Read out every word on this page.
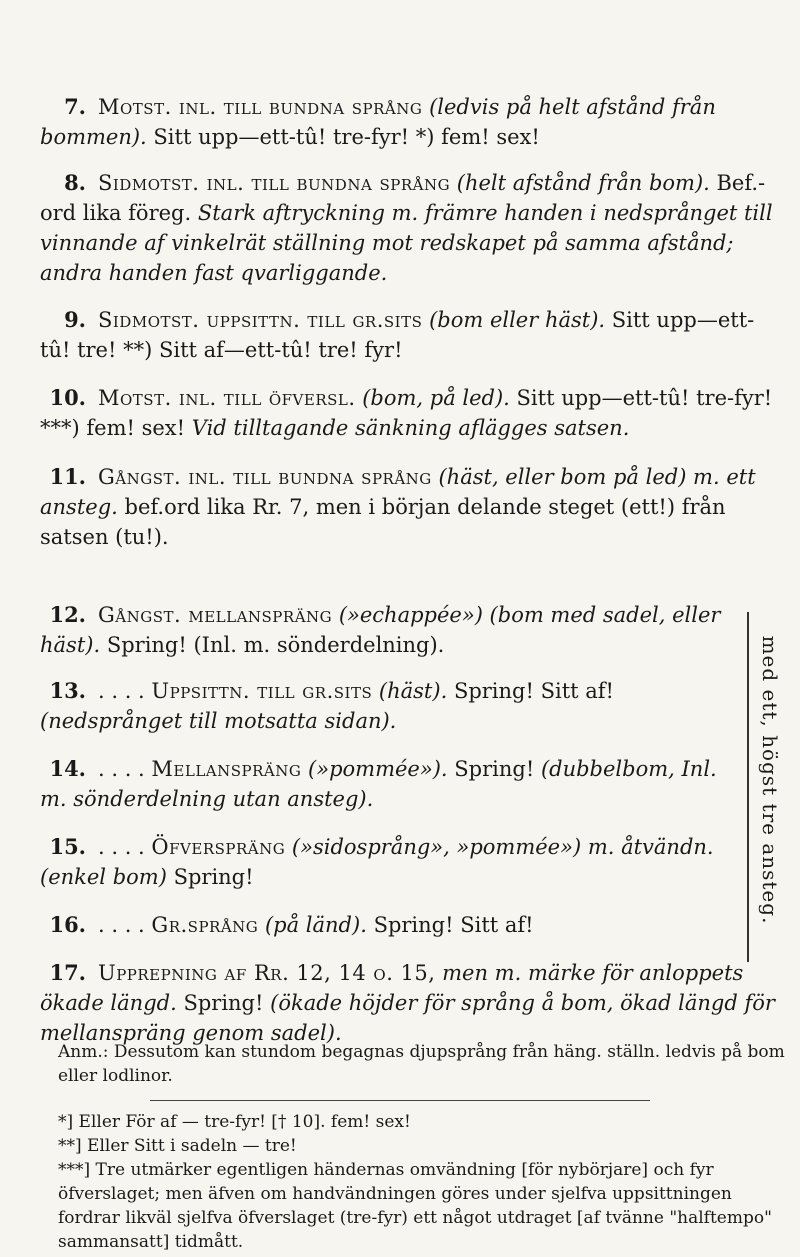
7. Motst. inl. till bundna språng (ledvis på helt afstånd från bommen). Sitt upp—ett-tû! tre-fyr! *) fem! sex!
8. Sidmotst. inl. till bundna språng (helt afstånd från bom). Bef.-ord lika föreg. Stark aftryckning m. främre handen i nedsprånget till vinnande af vinkelrät ställning mot redskapet på samma afstånd; andra handen fast qvarliggande.
9. Sidmotst. uppsittn. till gr.sits (bom eller häst). Sitt upp—ett-tû! tre! **) Sitt af—ett-tû! tre! fyr!
10. Motst. inl. till öfversl. (bom, på led). Sitt upp—ett-tû! tre-fyr! ***) fem! sex! Vid tilltagande sänkning afläggеs satsen.
11. Gångst. inl. till bundna språng (häst, eller bom på led) m. ett ansteg. bef.ord lika Rr. 7, men i början delande steget (ett!) från satsen (tu!).
12. Gångst. mellanspräng (»echappée») (bom med sadel, eller häst). Spring! (Inl. m. sönderdelning).
13. . . . . Uppsittn. till gr.sits (häst). Spring! Sitt af! (nedsprånget till motsatta sidan).
14. . . . . Mellanspräng (»pommée»). Spring! (dubbelbom, Inl. m. sönderdelning utan ansteg).
15. . . . . Öfverspräng (»sidosprång», »pommée») m. åtvändn. (enkel bom) Spring!
16. . . . . Gr.språng (på länd). Spring! Sitt af!
med ett, högst tre ansteg.
17. Upprepning af Rr. 12, 14 o. 15, men m. märke för anloppets ökade längd. Spring! (ökade höjder för språng å bom, ökad längd för mellanspräng genom sadel).
Anm.: Dessutom kan stundom begagnas djupsprång från häng. ställn. ledvis på bom eller lodlinor.
*] Eller För af — tre-fyr! [† 10]. fem! sex!
**] Eller Sitt i sadeln — tre!
***] Tre utmärker egentligen händernas omvändning [för nybörjare] och fyr öfverslaget; men äfven om handvändningen göres under sjelfva uppsittningen fordrar likväl sjelfva öfverslaget (tre-fyr) ett något utdraget [af tvänne "halftempo" sammansatt] tidmått.
